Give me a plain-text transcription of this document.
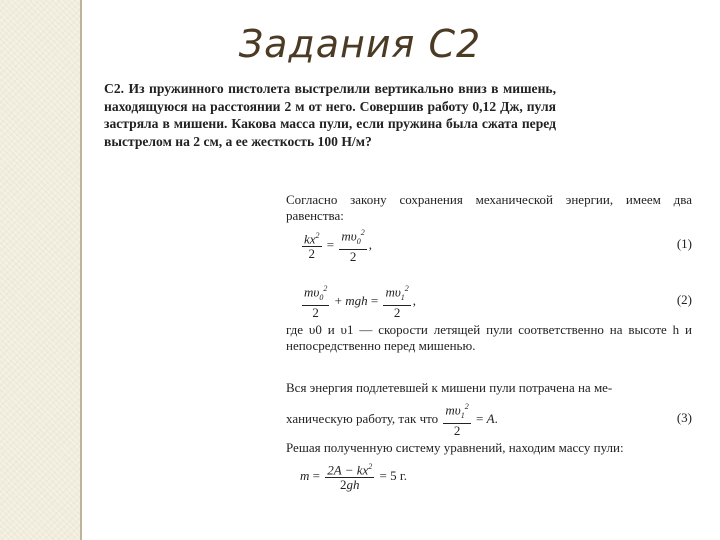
Задания С2
С2. Из пружинного пистолета выстрелили вертикально вниз в мишень, находящуюся на расстоянии 2 м от него. Совершив работу 0,12 Дж, пуля застряла в мишени. Какова масса пули, если пружина была сжата перед выстрелом на 2 см, а ее жесткость 100 Н/м?
Согласно закону сохранения механической энергии, имеем два равенства:
$\frac{kx^2}{2} = \frac{m\upsilon_0^2}{2}$ ,	(1)
$\frac{m\upsilon_0^2}{2}$ + mgh = $\frac{m\upsilon_1^2}{2}$ ,	(2)
где υ0 и υ1 — скорости летящей пули соответственно на высоте h и непосредственно перед мишенью.
Вся энергия подлетевшей к мишени пули потрачена на ме-
ханическую работу, так что $\frac{m\upsilon_1^2}{2} = A$.	(3)
Решая полученную систему уравнений, находим массу пули:
$m = \frac{2A - kx^2}{2gh} = 5$ г.
